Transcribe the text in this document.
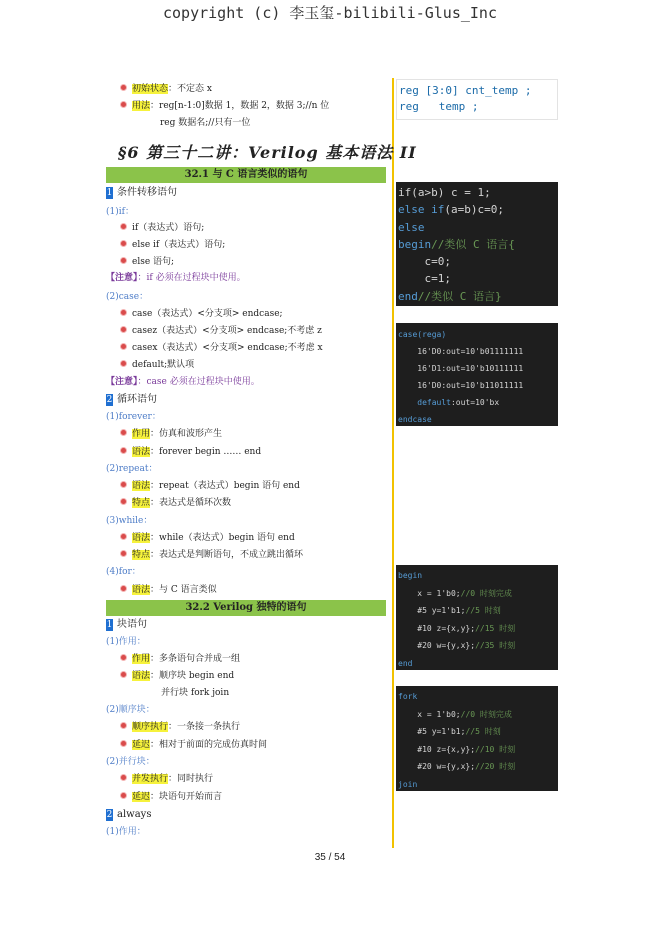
copyright (c) 李玉玺-bilibili-Glus_Inc
初始状态：不定态 x
用法：reg[n-1:0]数据 1，数据 2，数据 3;//n 位
reg 数据名;//只有一位
§6 第三十二讲：Verilog 基本语法 II
32.1 与 C 语言类似的语句
1 条件转移语句
(1)if：
if（表达式）语句;
else if（表达式）语句;
else 语句;
【注意】：if 必须在过程块中使用。
(2)case：
case（表达式）<分支项> endcase;
casez（表达式）<分支项> endcase;不考虑 z
casex（表达式）<分支项> endcase;不考虑 x
default;默认项
【注意】：case 必须在过程块中使用。
2 循环语句
(1)forever：
作用：仿真和波形产生
语法：forever begin …… end
(2)repeat：
语法：repeat（表达式）begin 语句 end
特点：表达式是循环次数
(3)while：
语法：while（表达式）begin 语句 end
特点：表达式是判断语句，不成立跳出循环
(4)for：
语法：与 C 语言类似
32.2 Verilog 独特的语句
1 块语句
(1)作用：
作用：多条语句合并成一组
语法：顺序块 begin end
并行块 fork join
(2)顺序块：
顺序执行：一条接一条执行
延迟：相对于前面的完成仿真时间
(2)并行块：
并发执行：同时执行
延迟：块语句开始而言
2 always
(1)作用：
reg [3:0] cnt_temp ;
reg   temp ;
if(a>b) c = 1;
else if(a=b)c=0;
else
begin//类似 C 语言{
c=0;
c=1;
end//类似 C 语言}
case(rega)
16'D0:out=10'b01111111
16'D1:out=10'b10111111
16'D0:out=10'b11011111
default:out=10'bx
endcase
begin
x = 1'b0;//0 时刻完成
#5 y=1'b1;//5 时刻
#10 z={x,y};//15 时刻
#20 w={y,x};//35 时刻
end
fork
x = 1'b0;//0 时刻完成
#5 y=1'b1;//5 时刻
#10 z={x,y};//10 时刻
#20 w={y,x};//20 时刻
join
35 / 54
